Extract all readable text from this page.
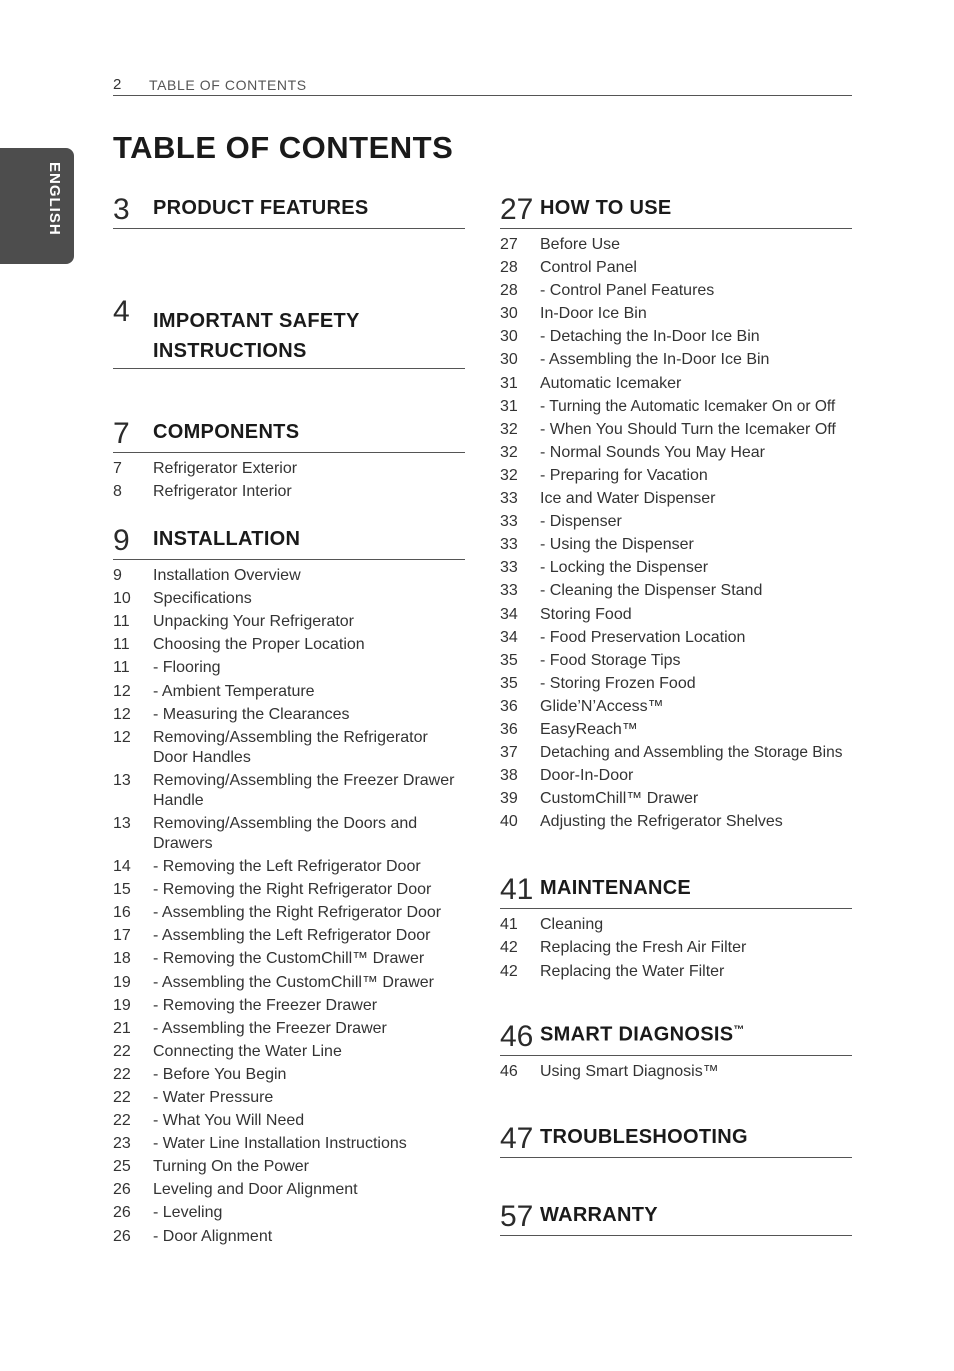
2 TABLE OF CONTENTS
ENGLISH
TABLE OF CONTENTS
3 PRODUCT FEATURES
4 IMPORTANT SAFETY
INSTRUCTIONS
7 COMPONENTS
7 Refrigerator Exterior
8 Refrigerator Interior
9 INSTALLATION
9 Installation Overview
10 Specifications
11 Unpacking Your Refrigerator
11 Choosing the Proper Location
11 - Flooring
12 - Ambient Temperature
12 - Measuring the Clearances
12 Removing/Assembling the Refrigerator Door Handles
13 Removing/Assembling the Freezer Drawer Handle
13 Removing/Assembling the Doors and Drawers
14 - Removing the Left Refrigerator Door
15 - Removing the Right Refrigerator Door
16 - Assembling the Right Refrigerator Door
17 - Assembling the Left Refrigerator Door
18 - Removing the CustomChill™ Drawer
19 - Assembling the CustomChill™ Drawer
19 - Removing the Freezer Drawer
21 - Assembling the Freezer Drawer
22 Connecting the Water Line
22 - Before You Begin
22 - Water Pressure
22 - What You Will Need
23 - Water Line Installation Instructions
25 Turning On the Power
26 Leveling and Door Alignment
26 - Leveling
26 - Door Alignment
27 HOW TO USE
27 Before Use
28 Control Panel
28 - Control Panel Features
30 In-Door Ice Bin
30 - Detaching the In-Door Ice Bin
30 - Assembling the In-Door Ice Bin
31 Automatic Icemaker
31 - Turning the Automatic Icemaker On or Off
32 - When You Should Turn the Icemaker Off
32 - Normal Sounds You May Hear
32 - Preparing for Vacation
33 Ice and Water Dispenser
33 - Dispenser
33 - Using the Dispenser
33 - Locking the Dispenser
33 - Cleaning the Dispenser Stand
34 Storing Food
34 - Food Preservation Location
35 - Food Storage Tips
35 - Storing Frozen Food
36 Glide’N’Access™
36 EasyReach™
37 Detaching and Assembling the Storage Bins
38 Door-In-Door
39 CustomChill™ Drawer
40 Adjusting the Refrigerator Shelves
41 MAINTENANCE
41 Cleaning
42 Replacing the Fresh Air Filter
42 Replacing the Water Filter
46 SMART DIAGNOSIS™
46 Using Smart Diagnosis™
47 TROUBLESHOOTING
57 WARRANTY
